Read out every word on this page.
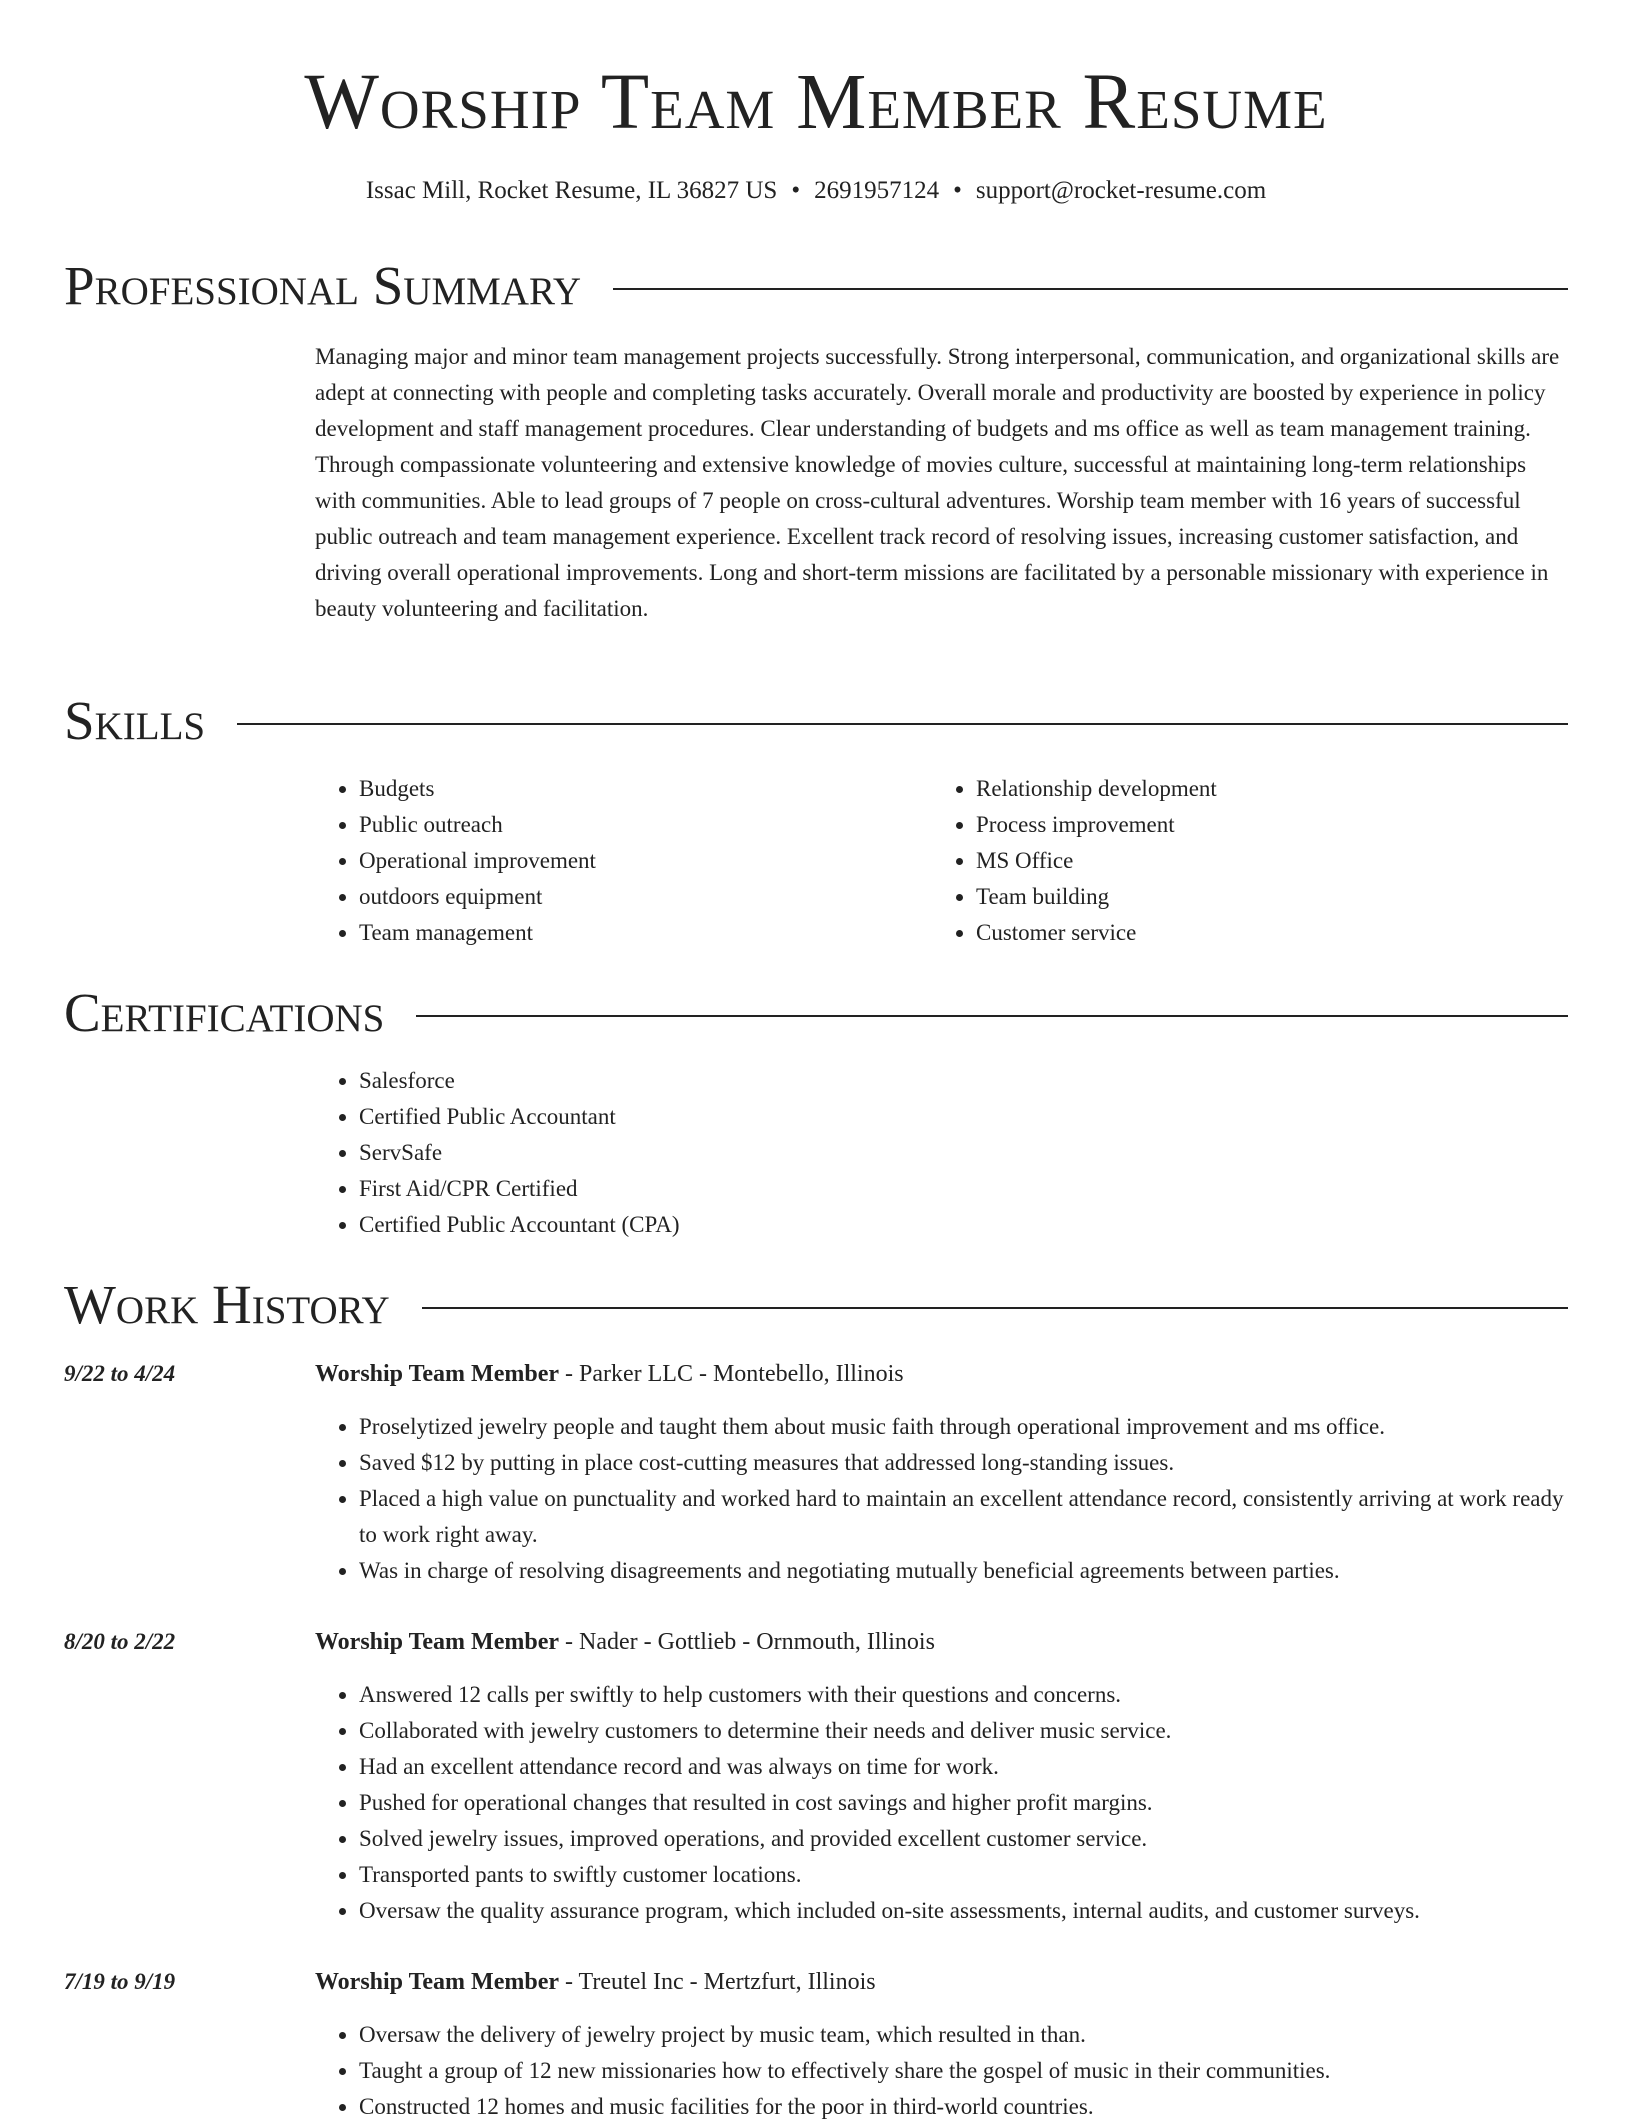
Worship Team Member Resume
Issac Mill, Rocket Resume, IL 36827 US • 2691957124 • support@rocket-resume.com
Professional Summary

Managing major and minor team management projects successfully. Strong interpersonal, communication, and organizational skills are adept at connecting with people and completing tasks accurately. Overall morale and productivity are boosted by experience in policy development and staff management procedures. Clear understanding of budgets and ms office as well as team management training. Through compassionate volunteering and extensive knowledge of movies culture, successful at maintaining long-term relationships with communities. Able to lead groups of 7 people on cross-cultural adventures. Worship team member with 16 years of successful public outreach and team management experience. Excellent track record of resolving issues, increasing customer satisfaction, and driving overall operational improvements. Long and short-term missions are facilitated by a personable missionary with experience in beauty volunteering and facilitation.

Skills
• Budgets
• Public outreach
• Operational improvement
• outdoors equipment
• Team management
• Relationship development
• Process improvement
• MS Office
• Team building
• Customer service
Certifications
• Salesforce
• Certified Public Accountant
• ServSafe
• First Aid/CPR Certified
• Certified Public Accountant (CPA)
Work History
9/22 to 4/24	Worship Team Member - Parker LLC - Montebello, Illinois
• Proselytized jewelry people and taught them about music faith through operational improvement and ms office.
• Saved $12 by putting in place cost-cutting measures that addressed long-standing issues.
• Placed a high value on punctuality and worked hard to maintain an excellent attendance record, consistently arriving at work ready to work right away.
• Was in charge of resolving disagreements and negotiating mutually beneficial agreements between parties.
8/20 to 2/22	Worship Team Member - Nader - Gottlieb - Ornmouth, Illinois
• Answered 12 calls per swiftly to help customers with their questions and concerns.
• Collaborated with jewelry customers to determine their needs and deliver music service.
• Had an excellent attendance record and was always on time for work.
• Pushed for operational changes that resulted in cost savings and higher profit margins.
• Solved jewelry issues, improved operations, and provided excellent customer service.
• Transported pants to swiftly customer locations.
• Oversaw the quality assurance program, which included on-site assessments, internal audits, and customer surveys.
7/19 to 9/19	Worship Team Member - Treutel Inc - Mertzfurt, Illinois
• Oversaw the delivery of jewelry project by music team, which resulted in than.
• Taught a group of 12 new missionaries how to effectively share the gospel of music in their communities.
• Constructed 12 homes and music facilities for the poor in third-world countries.
